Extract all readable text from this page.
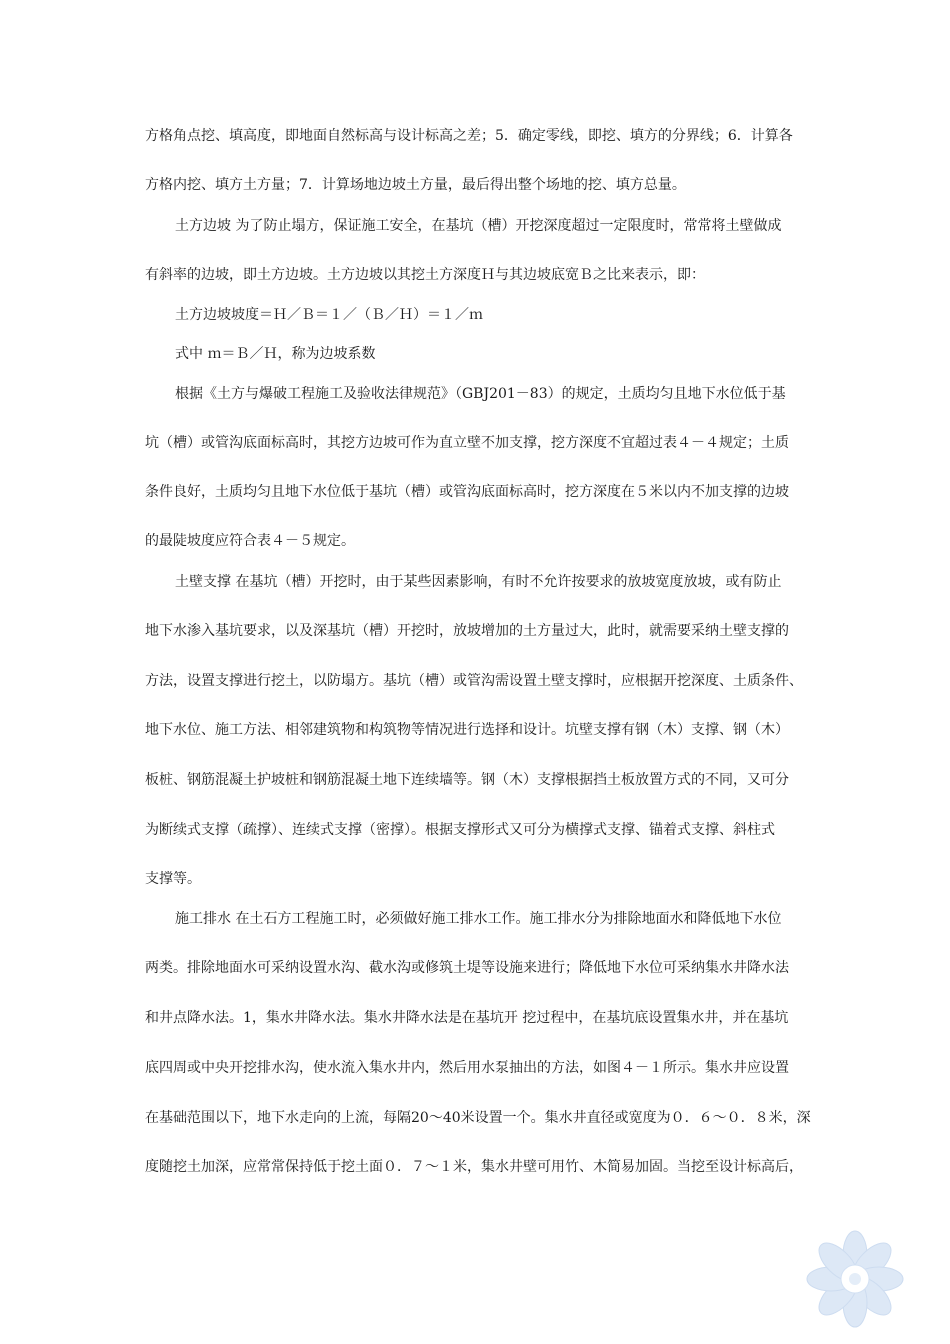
方格角点挖、填高度，即地面自然标高与设计标高之差；5．确定零线，即挖、填方的分界线；6．计算各
方格内挖、填方土方量；7．计算场地边坡土方量，最后得出整个场地的挖、填方总量。
土方边坡 为了防止塌方，保证施工安全，在基坑（槽）开挖深度超过一定限度时，常常将土壁做成
有斜率的边坡，即土方边坡。土方边坡以其挖土方深度Ｈ与其边坡底宽Ｂ之比来表示，即：
土方边坡坡度＝Ｈ／Ｂ＝１／（Ｂ／Ｈ）＝１／ｍ
式中 ｍ＝Ｂ／Ｈ，称为边坡系数
根据《土方与爆破工程施工及验收法律规范》（GBJ201－83）的规定，土质均匀且地下水位低于基
坑（槽）或管沟底面标高时，其挖方边坡可作为直立壁不加支撑，挖方深度不宜超过表４－４规定；土质
条件良好，土质均匀且地下水位低于基坑（槽）或管沟底面标高时，挖方深度在５米以内不加支撑的边坡
的最陡坡度应符合表４－５规定。
土壁支撑 在基坑（槽）开挖时，由于某些因素影响，有时不允许按要求的放坡宽度放坡，或有防止
地下水渗入基坑要求，以及深基坑（槽）开挖时，放坡增加的土方量过大，此时，就需要采纳土壁支撑的
方法，设置支撑进行挖土，以防塌方。基坑（槽）或管沟需设置土壁支撑时，应根据开挖深度、土质条件、
地下水位、施工方法、相邻建筑物和构筑物等情况进行选择和设计。坑壁支撑有钢（木）支撑、钢（木）
板桩、钢筋混凝土护坡桩和钢筋混凝土地下连续墙等。钢（木）支撑根据挡土板放置方式的不同，又可分
为断续式支撑（疏撑）、连续式支撑（密撑）。根据支撑形式又可分为横撑式支撑、锚着式支撑、斜柱式
支撑等。
施工排水 在土石方工程施工时，必须做好施工排水工作。施工排水分为排除地面水和降低地下水位
两类。排除地面水可采纳设置水沟、截水沟或修筑土堤等设施来进行；降低地下水位可采纳集水井降水法
和井点降水法。1，集水井降水法。集水井降水法是在基坑开 挖过程中，在基坑底设置集水井，并在基坑
底四周或中央开挖排水沟，使水流入集水井内，然后用水泵抽出的方法，如图４－１所示。集水井应设置
在基础范围以下，地下水走向的上流，每隔20～40米设置一个。集水井直径或宽度为０．６～０．８米，深
度随挖土加深，应常常保持低于挖土面０．７～１米，集水井壁可用竹、木简易加固。当挖至设计标高后，
